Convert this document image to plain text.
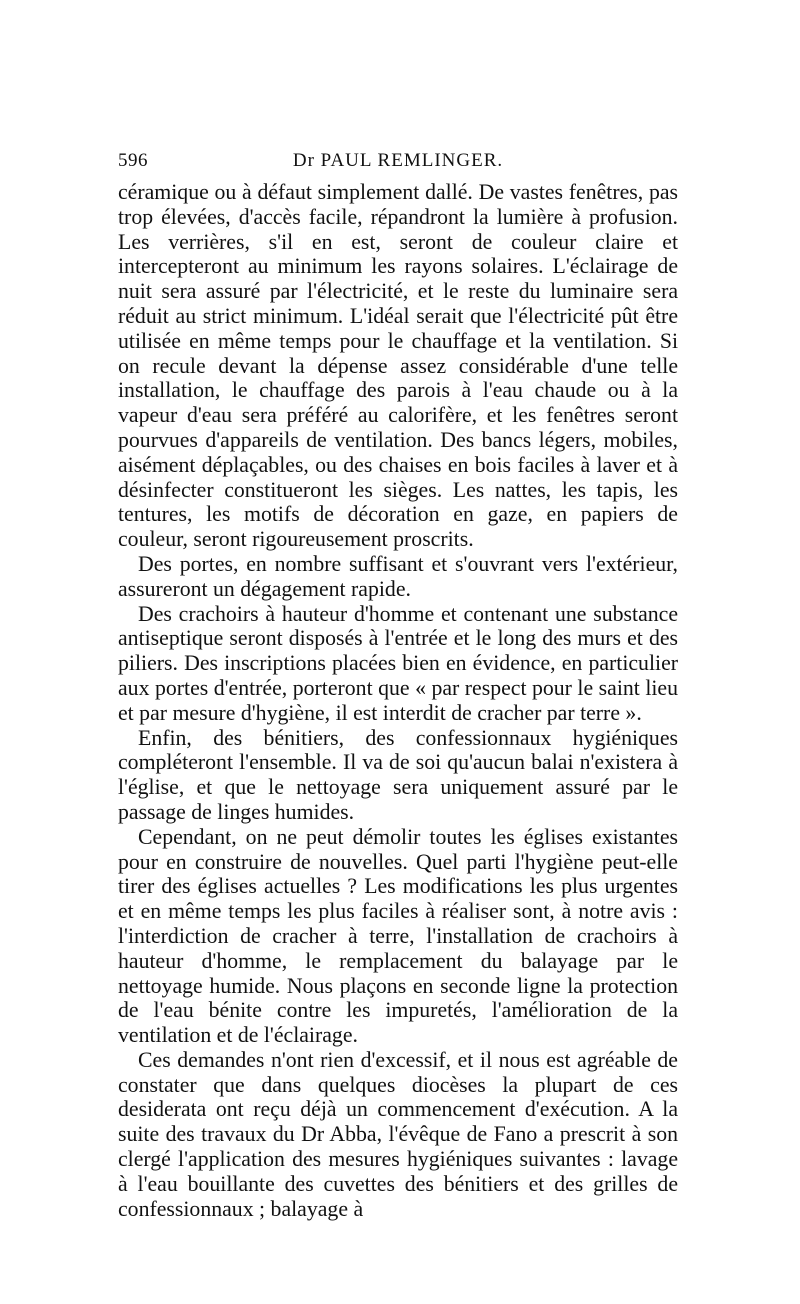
596	Dr PAUL REMLINGER.

céramique ou à défaut simplement dallé. De vastes fenêtres, pas trop élevées, d'accès facile, répandront la lumière à profusion. Les verrières, s'il en est, seront de couleur claire et intercepteront au minimum les rayons solaires. L'éclairage de nuit sera assuré par l'électricité, et le reste du luminaire sera réduit au strict minimum. L'idéal serait que l'électricité pût être utilisée en même temps pour le chauffage et la ventilation. Si on recule devant la dépense assez considérable d'une telle installation, le chauffage des parois à l'eau chaude ou à la vapeur d'eau sera préféré au calorifère, et les fenêtres seront pourvues d'appareils de ventilation. Des bancs légers, mobiles, aisément déplaçables, ou des chaises en bois faciles à laver et à désinfecter constitueront les sièges. Les nattes, les tapis, les tentures, les motifs de décoration en gaze, en papiers de couleur, seront rigoureusement proscrits.

Des portes, en nombre suffisant et s'ouvrant vers l'extérieur, assureront un dégagement rapide.

Des crachoirs à hauteur d'homme et contenant une substance antiseptique seront disposés à l'entrée et le long des murs et des piliers. Des inscriptions placées bien en évidence, en particulier aux portes d'entrée, porteront que « par respect pour le saint lieu et par mesure d'hygiène, il est interdit de cracher par terre ».

Enfin, des bénitiers, des confessionnaux hygiéniques compléteront l'ensemble. Il va de soi qu'aucun balai n'existera à l'église, et que le nettoyage sera uniquement assuré par le passage de linges humides.

Cependant, on ne peut démolir toutes les églises existantes pour en construire de nouvelles. Quel parti l'hygiène peut-elle tirer des églises actuelles ? Les modifications les plus urgentes et en même temps les plus faciles à réaliser sont, à notre avis : l'interdiction de cracher à terre, l'installation de crachoirs à hauteur d'homme, le remplacement du balayage par le nettoyage humide. Nous plaçons en seconde ligne la protection de l'eau bénite contre les impuretés, l'amélioration de la ventilation et de l'éclairage.

Ces demandes n'ont rien d'excessif, et il nous est agréable de constater que dans quelques diocèses la plupart de ces desiderata ont reçu déjà un commencement d'exécution. A la suite des travaux du Dr Abba, l'évêque de Fano a prescrit à son clergé l'application des mesures hygiéniques suivantes : lavage à l'eau bouillante des cuvettes des bénitiers et des grilles de confessionnaux ; balayage à
